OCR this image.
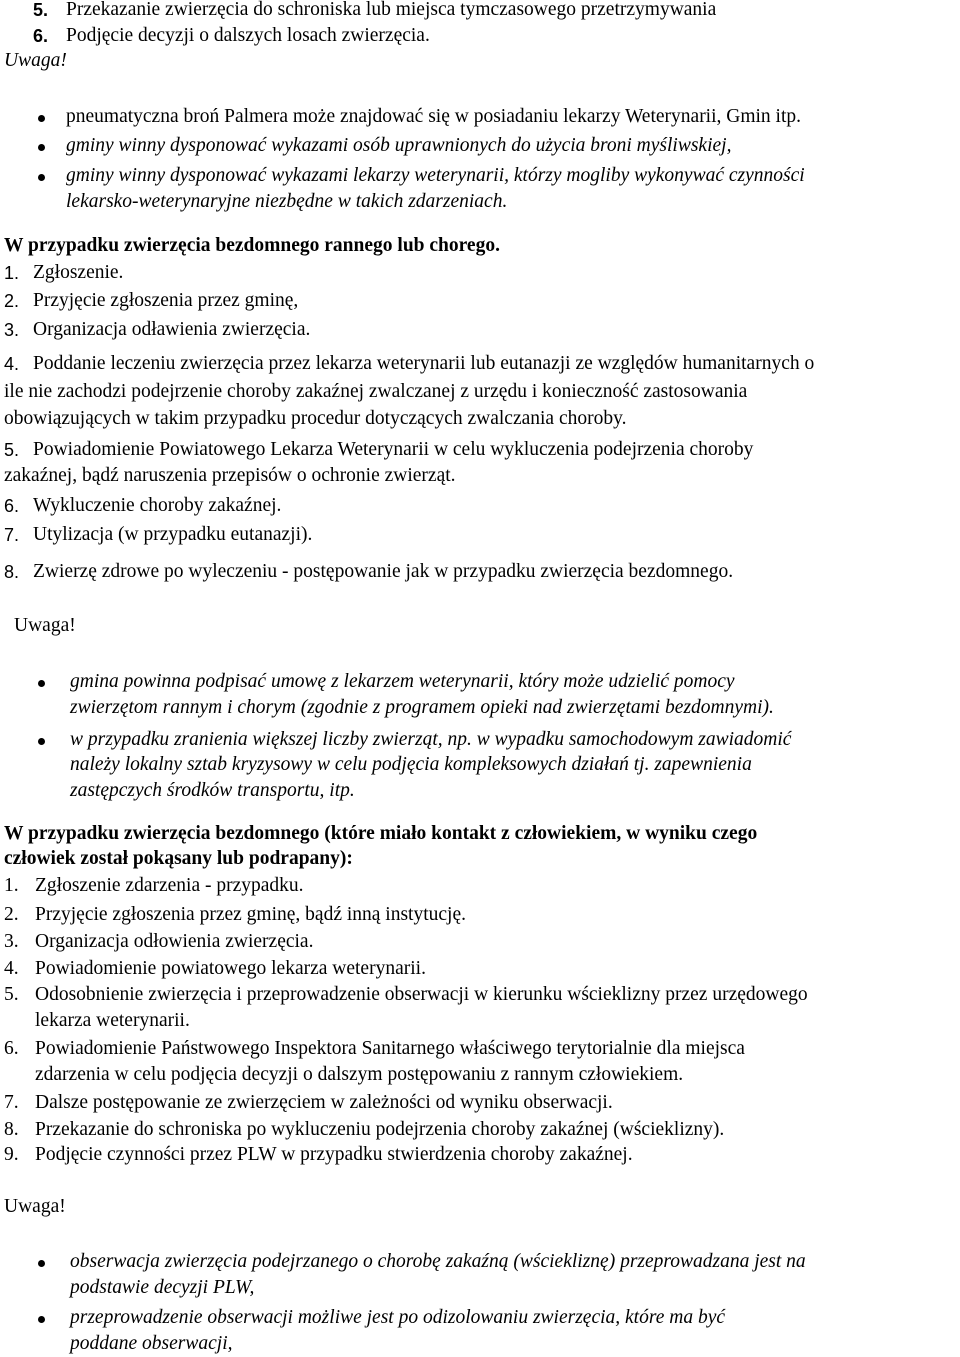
5. Przekazanie zwierzęcia do schroniska lub miejsca tymczasowego przetrzymywania
6. Podjęcie decyzji o dalszych losach zwierzęcia.
Uwaga!
pneumatyczna broń Palmera może znajdować się w posiadaniu lekarzy Weterynarii, Gmin itp.
gminy winny dysponować wykazami osób uprawnionych do użycia broni myśliwskiej,
gminy winny dysponować wykazami lekarzy weterynarii, którzy mogliby wykonywać czynności
lekarsko-weterynaryjne niezbędne w takich zdarzeniach.
W przypadku zwierzęcia bezdomnego rannego lub chorego.
1. Zgłoszenie.
2. Przyjęcie zgłoszenia przez gminę,
3. Organizacja odławienia zwierzęcia.
4. Poddanie leczeniu zwierzęcia przez lekarza weterynarii lub eutanazji ze względów humanitarnych o
ile nie zachodzi podejrzenie choroby zakaźnej zwalczanej z urzędu i konieczność zastosowania
obowiązujących w takim przypadku procedur dotyczących zwalczania choroby.
5. Powiadomienie Powiatowego Lekarza Weterynarii w celu wykluczenia podejrzenia choroby
zakaźnej, bądź naruszenia przepisów o ochronie zwierząt.
6. Wykluczenie choroby zakaźnej.
7. Utylizacja (w przypadku eutanazji).
8. Zwierzę zdrowe po wyleczeniu - postępowanie jak w przypadku zwierzęcia bezdomnego.
Uwaga!
gmina powinna podpisać umowę z lekarzem weterynarii, który może udzielić pomocy
zwierzętom rannym i chorym (zgodnie z programem opieki nad zwierzętami bezdomnymi).
w przypadku zranienia większej liczby zwierząt, np. w wypadku samochodowym zawiadomić
należy lokalny sztab kryzysowy w celu podjęcia kompleksowych działań tj. zapewnienia
zastępczych środków transportu, itp.
W przypadku zwierzęcia bezdomnego (które miało kontakt z człowiekiem, w wyniku czego
człowiek został pokąsany lub podrapany):
1. Zgłoszenie zdarzenia - przypadku.
2. Przyjęcie zgłoszenia przez gminę, bądź inną instytucję.
3. Organizacja odłowienia zwierzęcia.
4. Powiadomienie powiatowego lekarza weterynarii.
5. Odosobnienie zwierzęcia i przeprowadzenie obserwacji w kierunku wścieklizny przez urzędowego
lekarza weterynarii.
6. Powiadomienie Państwowego Inspektora Sanitarnego właściwego terytorialnie dla miejsca
zdarzenia w celu podjęcia decyzji o dalszym postępowaniu z rannym człowiekiem.
7. Dalsze postępowanie ze zwierzęciem w zależności od wyniku obserwacji.
8. Przekazanie do schroniska po wykluczeniu podejrzenia choroby zakaźnej (wścieklizny).
9. Podjęcie czynności przez PLW w przypadku stwierdzenia choroby zakaźnej.
Uwaga!
obserwacja zwierzęcia podejrzanego o chorobę zakaźną (wściekliznę) przeprowadzana jest na
podstawie decyzji PLW,
przeprowadzenie obserwacji możliwe jest po odizolowaniu zwierzęcia, które ma być
poddane obserwacji,
